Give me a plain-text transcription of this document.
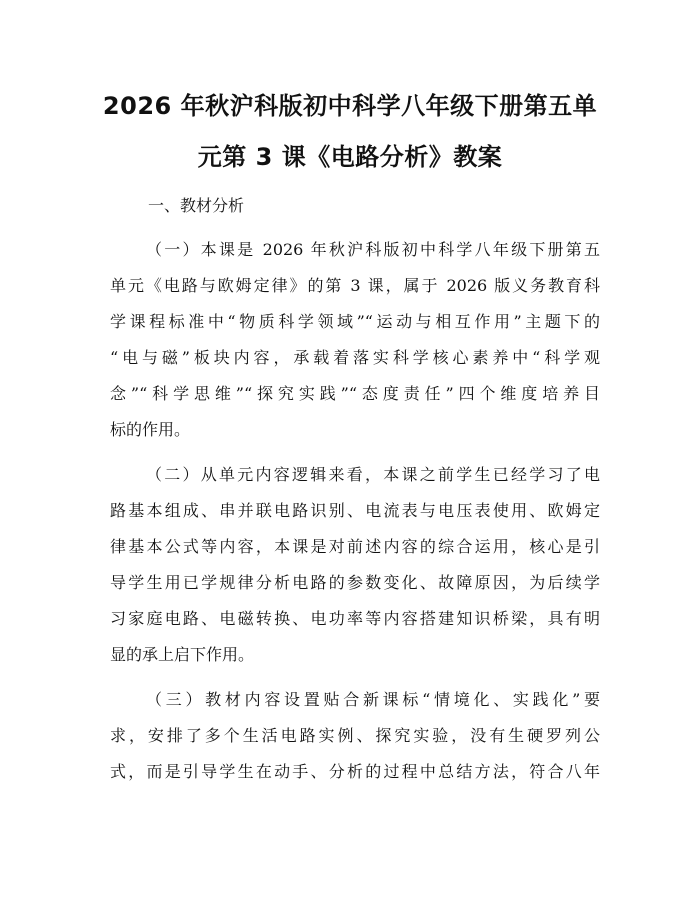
2026 年秋沪科版初中科学八年级下册第五单
元第 3 课《电路分析》教案

一、教材分析

（一）本课是 2026 年秋沪科版初中科学八年级下册第五
单元《电路与欧姆定律》的第 3 课，属于 2026 版义务教育科
学课程标准中“物质科学领域”“运动与相互作用”主题下的
“电与磁”板块内容，承载着落实科学核心素养中“科学观
念”“科学思维”“探究实践”“态度责任”四个维度培养目
标的作用。
（二）从单元内容逻辑来看，本课之前学生已经学习了电
路基本组成、串并联电路识别、电流表与电压表使用、欧姆定
律基本公式等内容，本课是对前述内容的综合运用，核心是引
导学生用已学规律分析电路的参数变化、故障原因，为后续学
习家庭电路、电磁转换、电功率等内容搭建知识桥梁，具有明
显的承上启下作用。
（三）教材内容设置贴合新课标“情境化、实践化”要
求，安排了多个生活电路实例、探究实验，没有生硬罗列公
式，而是引导学生在动手、分析的过程中总结方法，符合八年
